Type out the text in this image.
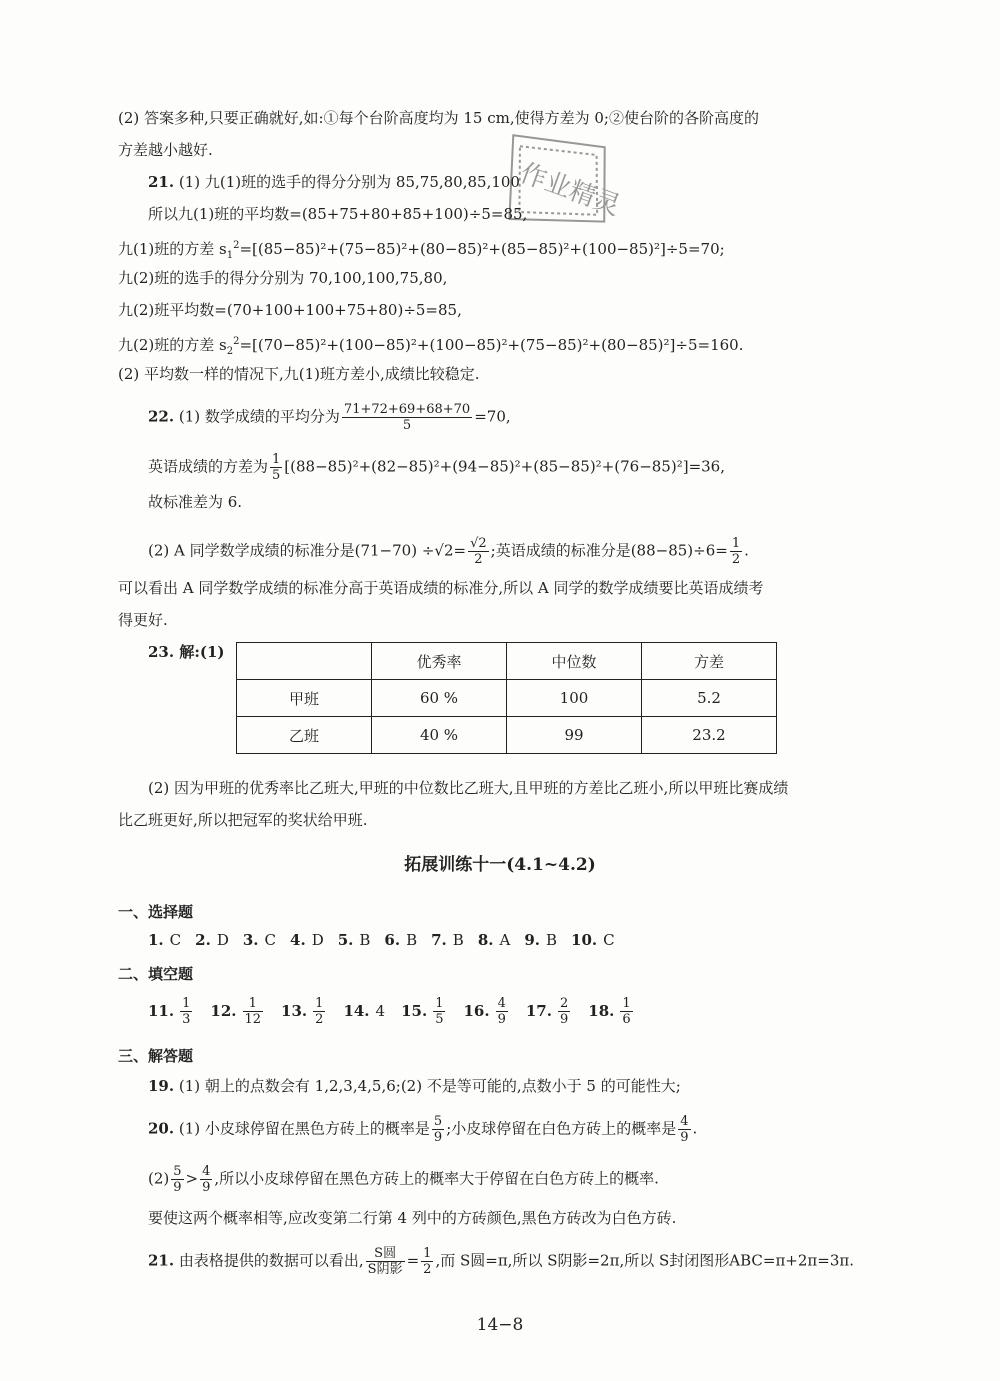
作业精灵
(2) 答案多种,只要正确就好,如:①每个台阶高度均为 15 cm,使得方差为 0;②使台阶的各阶高度的
方差越小越好.
21. (1) 九(1)班的选手的得分分别为 85,75,80,85,100
所以九(1)班的平均数=(85+75+80+85+100)÷5=85,
九(1)班的方差 $s_1^2=[(85-85)^2+(75-85)^2+(80-85)^2+(85-85)^2+(100-85)^2]\div 5=70$;
九(2)班的选手的得分分别为 70,100,100,75,80,
九(2)班平均数=(70+100+100+75+80)÷5=85,
九(2)班的方差 $s_2^2=[(70-85)^2+(100-85)^2+(100-85)^2+(75-85)^2+(80-85)^2]\div 5=160$.
(2) 平均数一样的情况下,九(1)班方差小,成绩比较稳定.
22. (1) 数学成绩的平均分为 $\frac{71+72+69+68+70}{5} =70$,
英语成绩的方差为 $\frac{1}{5} [(88-85)^2+(82-85)^2+(94-85)^2+(85-85)^2+(76-85)^2]=36$,
故标准差为 6.
(2) A 同学数学成绩的标准分是$(71-70) \div√2= \frac{√2}{2}$ ;英语成绩的标准分是$(88-85)\div 6= \frac{1}{2}$ .
可以看出 A 同学数学成绩的标准分高于英语成绩的标准分,所以 A 同学的数学成绩要比英语成绩考
得更好.
23. 解:(1)
	优秀率	中位数	方差
甲班	60 %	100	5.2
乙班	40 %	99	23.2
(2) 因为甲班的优秀率比乙班大,甲班的中位数比乙班大,且甲班的方差比乙班小,所以甲班比赛成绩
比乙班更好,所以把冠军的奖状给甲班.
拓展训练十一(4.1~4.2)
一、选择题
1. C 2. D 3. C 4. D 5. B 6. B 7. B 8. A 9. B 10. C
二、填空题
11. $\frac{1}{3} 12$. $\frac{1}{12} 13$. $\frac{1}{2} 14$. 4 15. $\frac{1}{5} 16$. $\frac{4}{9} 17$. $\frac{2}{9} 18$. $\frac{1}{6}$
三、解答题
19. (1) 朝上的点数会有 1,2,3,4,5,6;(2) 不是等可能的,点数小于 5 的可能性大;
20. (1) 小皮球停留在黑色方砖上的概率是 $\frac{5}{9}$ ;小皮球停留在白色方砖上的概率是 $\frac{4}{9}$ .
$(2) \frac{5}{9} > \frac{4}{9}$ ,所以小皮球停留在黑色方砖上的概率大于停留在白色方砖上的概率.
要使这两个概率相等,应改变第二行第 4 列中的方砖颜色,黑色方砖改为白色方砖.
21. 由表格提供的数据可以看出, $\frac{\text{S圆}}{\text{S阴影}} = \frac{1}{2}$ ,而 S圆=π,所以 S阴影=2π,所以 S封闭图形ABC=π+2π=3π.
14−8
